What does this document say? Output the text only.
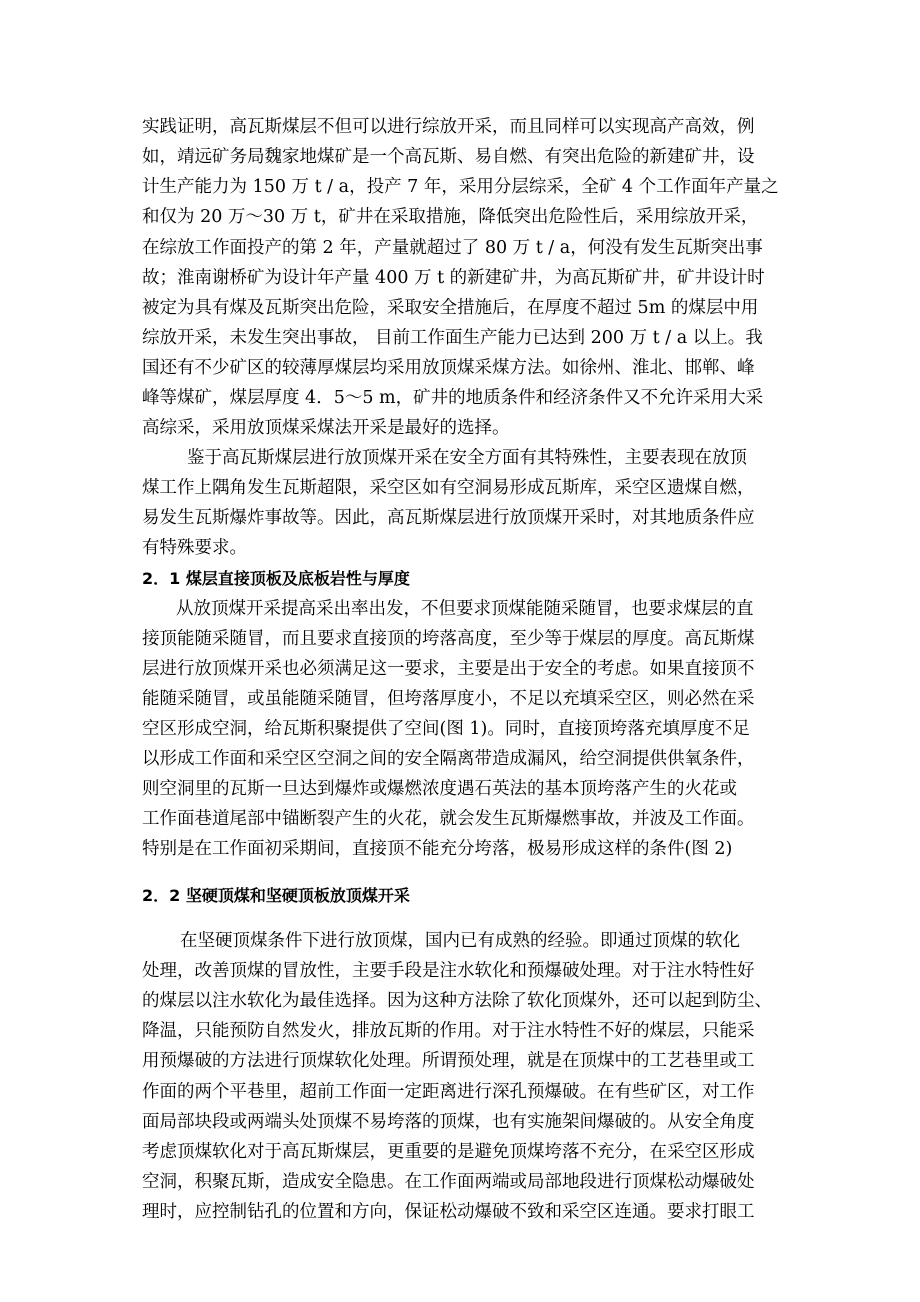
实践证明，高瓦斯煤层不但可以进行综放开采，而且同样可以实现高产高效，例
如，靖远矿务局魏家地煤矿是一个高瓦斯、易自燃、有突出危险的新建矿井，设
计生产能力为 150 万 t / a，投产 7 年，采用分层综采，全矿 4 个工作面年产量之
和仅为 20 万～30 万 t，矿井在采取措施，降低突出危险性后，采用综放开采，
在综放工作面投产的第 2 年，产量就超过了 80 万 t / a，何没有发生瓦斯突出事
故；淮南谢桥矿为设计年产量 400 万 t 的新建矿井，为高瓦斯矿井，矿井设计时
被定为具有煤及瓦斯突出危险，采取安全措施后，在厚度不超过 5m 的煤层中用
综放开采，未发生突出事故， 目前工作面生产能力已达到 200 万 t / a 以上。我
国还有不少矿区的较薄厚煤层均采用放顶煤采煤方法。如徐州、淮北、邯郸、峰
峰等煤矿，煤层厚度 4．5～5 m，矿井的地质条件和经济条件又不允许采用大采
高综采，采用放顶煤采煤法开采是最好的选择。
鉴于高瓦斯煤层进行放顶煤开采在安全方面有其特殊性，主要表现在放顶
煤工作上隅角发生瓦斯超限，采空区如有空洞易形成瓦斯库，采空区遗煤自燃，
易发生瓦斯爆炸事故等。因此，高瓦斯煤层进行放顶煤开采时，对其地质条件应
有特殊要求。
2．1 煤层直接顶板及底板岩性与厚度
从放顶煤开采提高采出率出发，不但要求顶煤能随采随冒，也要求煤层的直
接顶能随采随冒，而且要求直接顶的垮落高度，至少等于煤层的厚度。高瓦斯煤
层进行放顶煤开采也必须满足这一要求，主要是出于安全的考虑。如果直接顶不
能随采随冒，或虽能随采随冒，但垮落厚度小，不足以充填采空区，则必然在采
空区形成空洞，给瓦斯积聚提供了空间(图 1)。同时，直接顶垮落充填厚度不足
以形成工作面和采空区空洞之间的安全隔离带造成漏风，给空洞提供供氧条件，
则空洞里的瓦斯一旦达到爆炸或爆燃浓度遇石英法的基本顶垮落产生的火花或
工作面巷道尾部中锚断裂产生的火花，就会发生瓦斯爆燃事故，并波及工作面。
特别是在工作面初采期间，直接顶不能充分垮落，极易形成这样的条件(图 2)
2．2 坚硬顶煤和坚硬顶板放顶煤开采
在坚硬顶煤条件下进行放顶煤，国内已有成熟的经验。即通过顶煤的软化
处理，改善顶煤的冒放性，主要手段是注水软化和预爆破处理。对于注水特性好
的煤层以注水软化为最佳选择。因为这种方法除了软化顶煤外，还可以起到防尘、
降温，只能预防自然发火，排放瓦斯的作用。对于注水特性不好的煤层，只能采
用预爆破的方法进行顶煤软化处理。所谓预处理，就是在顶煤中的工艺巷里或工
作面的两个平巷里，超前工作面一定距离进行深孔预爆破。在有些矿区，对工作
面局部块段或两端头处顶煤不易垮落的顶煤，也有实施架间爆破的。从安全角度
考虑顶煤软化对于高瓦斯煤层，更重要的是避免顶煤垮落不充分，在采空区形成
空洞，积聚瓦斯，造成安全隐患。在工作面两端或局部地段进行顶煤松动爆破处
理时，应控制钻孔的位置和方向，保证松动爆破不致和采空区连通。要求打眼工
